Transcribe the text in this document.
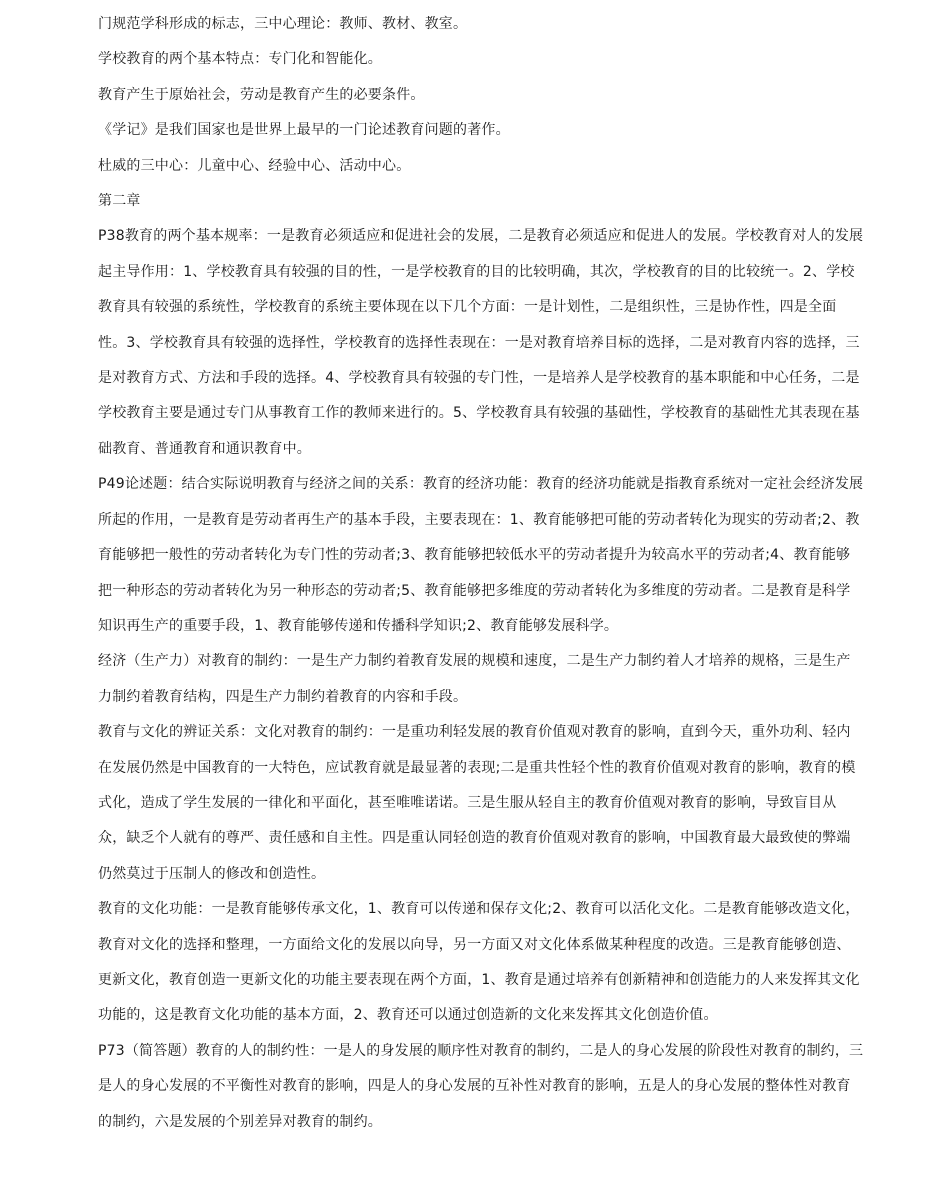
门规范学科形成的标志，三中心理论：教师、教材、教室。

学校教育的两个基本特点：专门化和智能化。

教育产生于原始社会，劳动是教育产生的必要条件。

《学记》是我们国家也是世界上最早的一门论述教育问题的著作。

杜威的三中心：儿童中心、经验中心、活动中心。

第二章

P38教育的两个基本规率：一是教育必须适应和促进社会的发展，二是教育必须适应和促进人的发展。学校教育对人的发展起主导作用：1、学校教育具有较强的目的性，一是学校教育的目的比较明确，其次，学校教育的目的比较统一。2、学校教育具有较强的系统性，学校教育的系统主要体现在以下几个方面：一是计划性，二是组织性，三是协作性，四是全面性。3、学校教育具有较强的选择性，学校教育的选择性表现在：一是对教育培养目标的选择，二是对教育内容的选择，三是对教育方式、方法和手段的选择。4、学校教育具有较强的专门性，一是培养人是学校教育的基本职能和中心任务，二是学校教育主要是通过专门从事教育工作的教师来进行的。5、学校教育具有较强的基础性，学校教育的基础性尤其表现在基础教育、普通教育和通识教育中。

P49论述题：结合实际说明教育与经济之间的关系：教育的经济功能：教育的经济功能就是指教育系统对一定社会经济发展所起的作用，一是教育是劳动者再生产的基本手段，主要表现在：1、教育能够把可能的劳动者转化为现实的劳动者;2、教育能够把一般性的劳动者转化为专门性的劳动者;3、教育能够把较低水平的劳动者提升为较高水平的劳动者;4、教育能够把一种形态的劳动者转化为另一种形态的劳动者;5、教育能够把多维度的劳动者转化为多维度的劳动者。二是教育是科学知识再生产的重要手段，1、教育能够传递和传播科学知识;2、教育能够发展科学。

经济（生产力）对教育的制约：一是生产力制约着教育发展的规模和速度，二是生产力制约着人才培养的规格，三是生产力制约着教育结构，四是生产力制约着教育的内容和手段。

教育与文化的辨证关系：文化对教育的制约：一是重功利轻发展的教育价值观对教育的影响，直到今天，重外功利、轻内在发展仍然是中国教育的一大特色，应试教育就是最显著的表现;二是重共性轻个性的教育价值观对教育的影响，教育的模式化，造成了学生发展的一律化和平面化，甚至唯唯诺诺。三是生服从轻自主的教育价值观对教育的影响，导致盲目从众，缺乏个人就有的尊严、责任感和自主性。四是重认同轻创造的教育价值观对教育的影响，中国教育最大最致使的弊端仍然莫过于压制人的修改和创造性。

教育的文化功能：一是教育能够传承文化，1、教育可以传递和保存文化;2、教育可以活化文化。二是教育能够改造文化，教育对文化的选择和整理，一方面给文化的发展以向导，另一方面又对文化体系做某种程度的改造。三是教育能够创造、更新文化，教育创造一更新文化的功能主要表现在两个方面，1、教育是通过培养有创新精神和创造能力的人来发挥其文化功能的，这是教育文化功能的基本方面，2、教育还可以通过创造新的文化来发挥其文化创造价值。

P73（简答题）教育的人的制约性：一是人的身发展的顺序性对教育的制约，二是人的身心发展的阶段性对教育的制约，三是人的身心发展的不平衡性对教育的影响，四是人的身心发展的互补性对教育的影响，五是人的身心发展的整体性对教育的制约，六是发展的个别差异对教育的制约。
